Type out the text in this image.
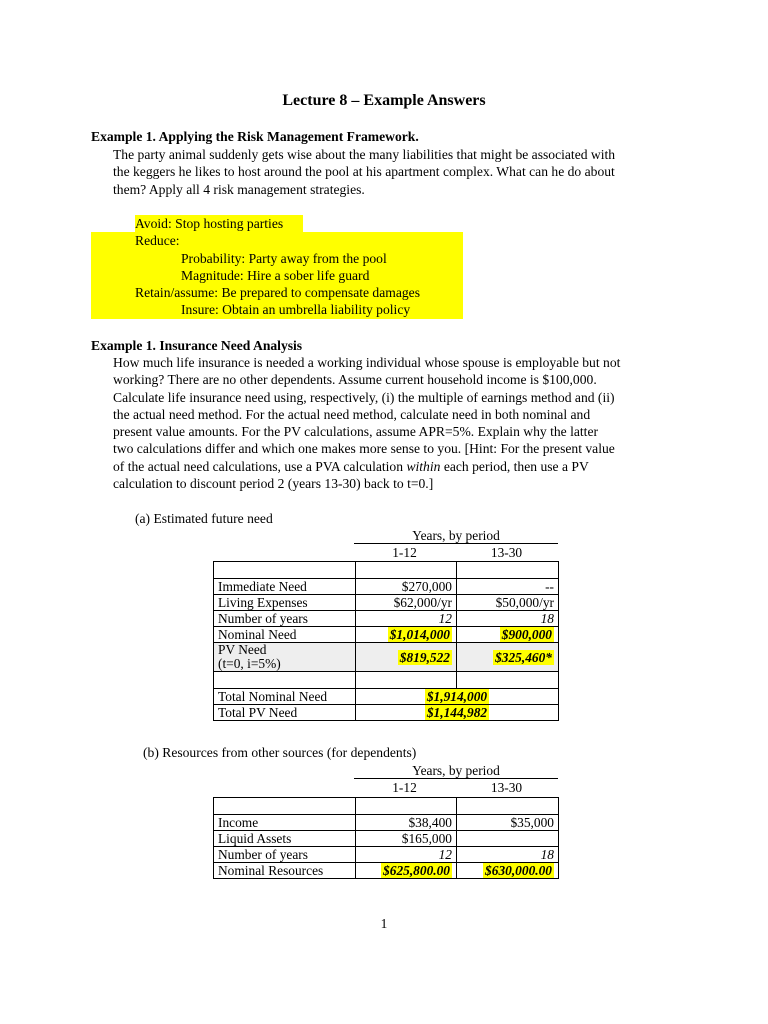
Lecture 8 – Example Answers
Example 1. Applying the Risk Management Framework.
The party animal suddenly gets wise about the many liabilities that might be associated with
the keggers he likes to host around the pool at his apartment complex. What can he do about
them? Apply all 4 risk management strategies.
Avoid: Stop hosting parties
Reduce:
Probability: Party away from the pool
Magnitude: Hire a sober life guard
Retain/assume: Be prepared to compensate damages
Insure: Obtain an umbrella liability policy
Example 1. Insurance Need Analysis
How much life insurance is needed a working individual whose spouse is employable but not
working? There are no other dependents. Assume current household income is $100,000.
Calculate life insurance need using, respectively, (i) the multiple of earnings method and (ii)
the actual need method. For the actual need method, calculate need in both nominal and
present value amounts. For the PV calculations, assume APR=5%. Explain why the latter
two calculations differ and which one makes more sense to you. [Hint: For the present value
of the actual need calculations, use a PVA calculation within each period, then use a PV
calculation to discount period 2 (years 13-30) back to t=0.]
(a) Estimated future need
Years, by period
1-12	13-30

Immediate Need	$270,000	--
Living Expenses	$62,000/yr	$50,000/yr
Number of years	12	18
Nominal Need	$1,014,000	$900,000

PV Need
(t=0, i=5%)	$819,522	$325,460*

Total Nominal Need	$1,914,000	
Total PV Need	$1,144,982	
(b) Resources from other sources (for dependents)
Years, by period
1-12	13-30

Income	$38,400	$35,000
Liquid Assets	$165,000	
Number of years	12	18
Nominal Resources	$625,800.00	$630,000.00
1
